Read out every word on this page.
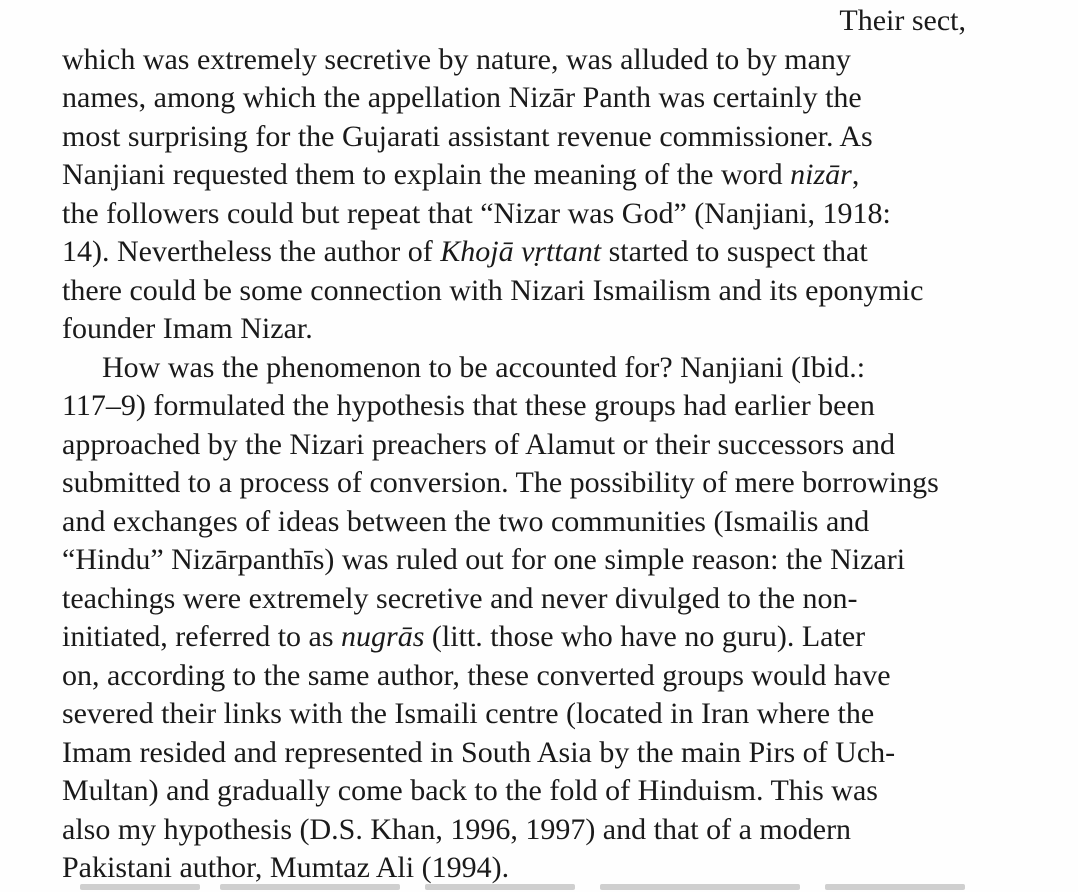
Their sect,
which was extremely secretive by nature, was alluded to by many
names, among which the appellation Nizār Panth was certainly the
most surprising for the Gujarati assistant revenue commissioner. As
Nanjiani requested them to explain the meaning of the word nizār,
the followers could but repeat that “Nizar was God” (Nanjiani, 1918:
14). Nevertheless the author of Khojā vṛttant started to suspect that
there could be some connection with Nizari Ismailism and its eponymic
founder Imam Nizar.
How was the phenomenon to be accounted for? Nanjiani (Ibid.:
117–9) formulated the hypothesis that these groups had earlier been
approached by the Nizari preachers of Alamut or their successors and
submitted to a process of conversion. The possibility of mere borrowings
and exchanges of ideas between the two communities (Ismailis and
“Hindu” Nizārpanthīs) was ruled out for one simple reason: the Nizari
teachings were extremely secretive and never divulged to the non-
initiated, referred to as nugrās (litt. those who have no guru). Later
on, according to the same author, these converted groups would have
severed their links with the Ismaili centre (located in Iran where the
Imam resided and represented in South Asia by the main Pirs of Uch-
Multan) and gradually come back to the fold of Hinduism. This was
also my hypothesis (D.S. Khan, 1996, 1997) and that of a modern
Pakistani author, Mumtaz Ali (1994).
